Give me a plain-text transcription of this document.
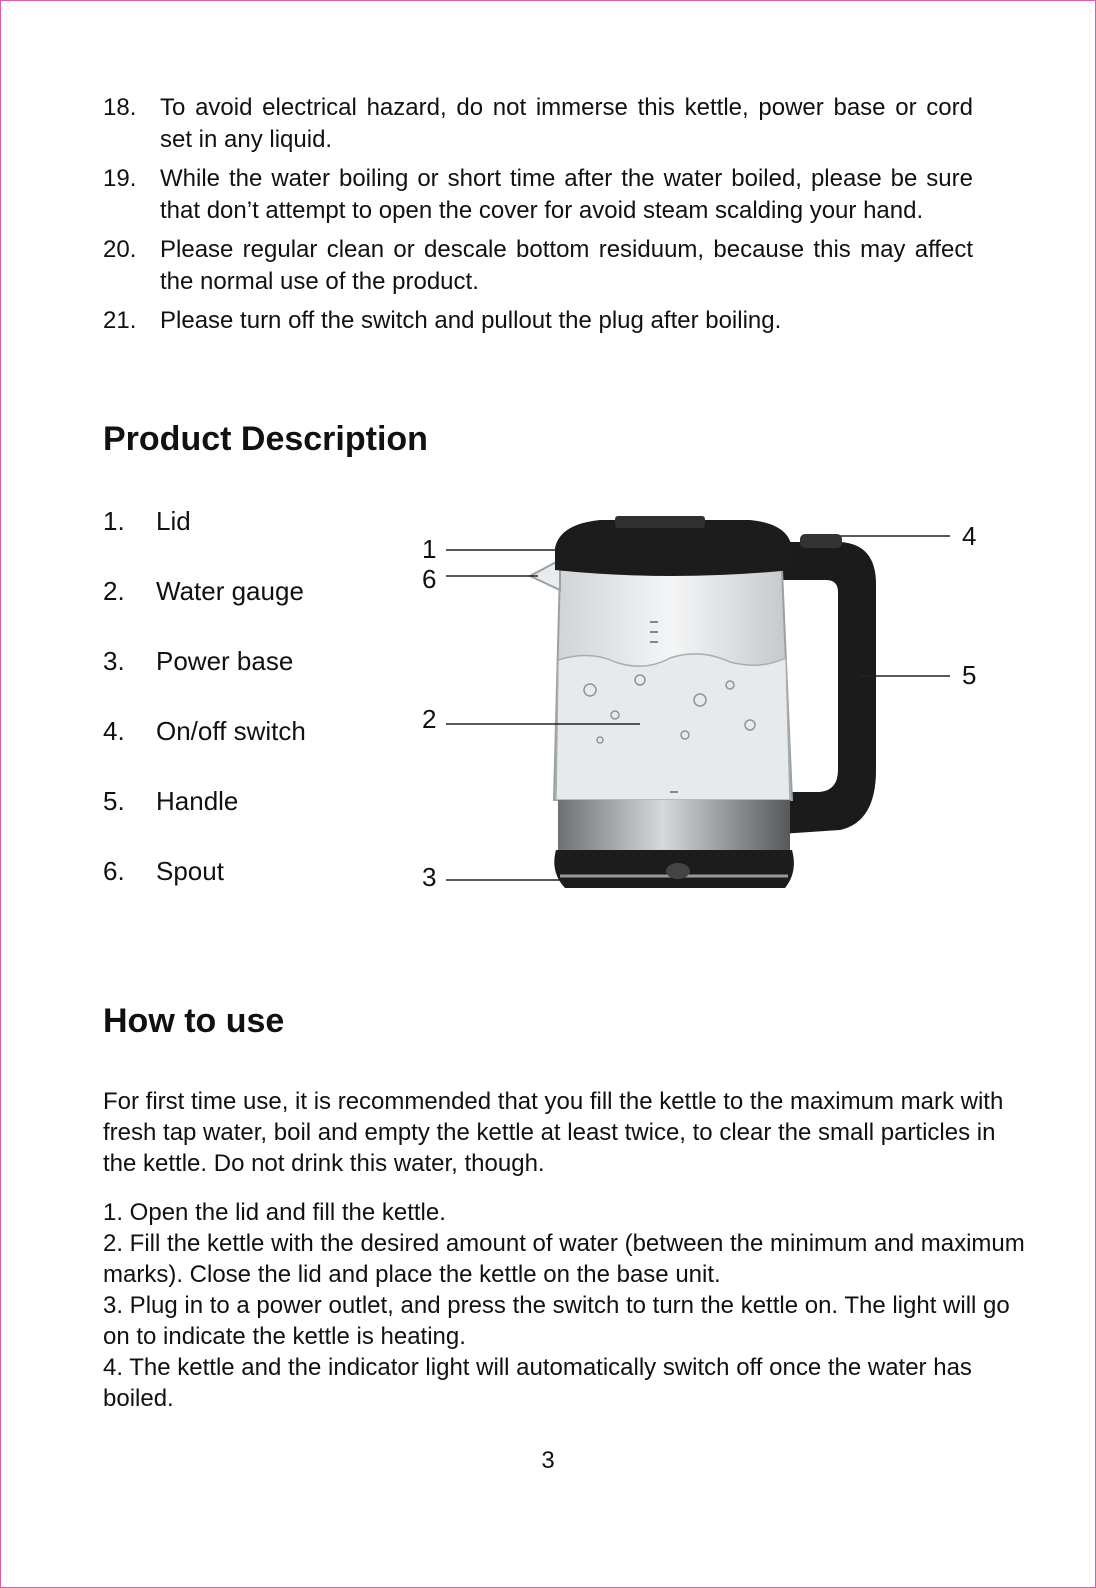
18. To avoid electrical hazard, do not immerse this kettle, power base or cord set in any liquid.
19. While the water boiling or short time after the water boiled, please be sure that don’t attempt to open the cover for avoid steam scalding your hand.
20. Please regular clean or descale bottom residuum, because this may affect the normal use of the product.
21. Please turn off the switch and pullout the plug after boiling.
Product Description
1.	Lid
2.	Water gauge
3.	Power base
4.	On/off switch
5.	Handle
6.	Spout
1
6
2
3
4
5
How to use

For first time use, it is recommended that you fill the kettle to the maximum mark with fresh tap water, boil and empty the kettle at least twice, to clear the small particles in the kettle. Do not drink this water, though.

1. Open the lid and fill the kettle.
2. Fill the kettle with the desired amount of water (between the minimum and maximum marks). Close the lid and place the kettle on the base unit.
3. Plug in to a power outlet, and press the switch to turn the kettle on. The light will go on to indicate the kettle is heating.
4. The kettle and the indicator light will automatically switch off once the water has boiled.
3
